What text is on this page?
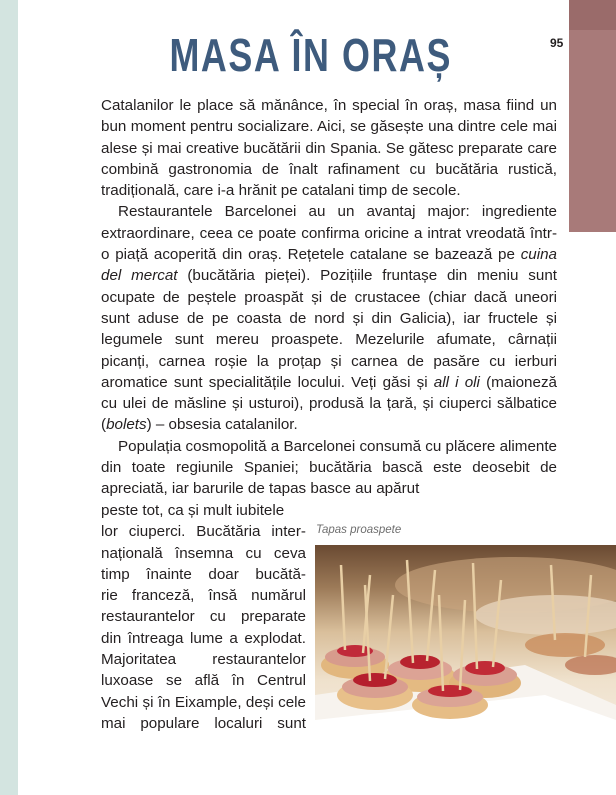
95
MASA ÎN ORAȘ

Catalanilor le place să mănânce, în special în oraș, masa fiind un bun moment pentru socializare. Aici, se găsește una dintre cele mai alese și mai creative bucătării din Spania. Se gătesc preparate care combină gastronomia de înalt rafinament cu bucătăria rustică, tradițională, care i-a hrănit pe catalani timp de secole.

Restaurantele Barcelonei au un avantaj major: ingrediente extraordinare, ceea ce poate confirma oricine a intrat vreodată într-o piață acoperită din oraș. Rețetele catalane se bazează pe cuina del mercat (bucătăria pieței). Pozițiile fruntașe din meniu sunt ocupate de peștele proaspăt și de crustacee (chiar dacă uneori sunt aduse de pe coasta de nord și din Galicia), iar fructele și legumele sunt mereu proaspete. Mezelurile afumate, cârnații picanți, carnea roșie la proțap și carnea de pasăre cu ierburi aromatice sunt specialitățile locului. Veți găsi și all i oli (maioneză cu ulei de măsline și usturoi), produsă la țară, și ciuperci sălbatice (bolets) – obsesia catalanilor.

Populația cosmopolită a Barcelonei consumă cu plăcere alimente din toate regiunile Spaniei; bucătăria bască este deosebit de apreciată, iar barurile de tapas basce au apărut

peste tot, ca și mult iubitele
lor ciuperci. Bucătăria inter-
națională însemna cu ceva
timp înainte doar bucătă-
rie franceză, însă numărul
restaurantelor cu preparate
din întreaga lume a explodat.
Majoritatea restaurantelor
luxoase se află în Centrul
Vechi și în Eixample, deși cele
mai populare localuri sunt
Tapas proaspete
